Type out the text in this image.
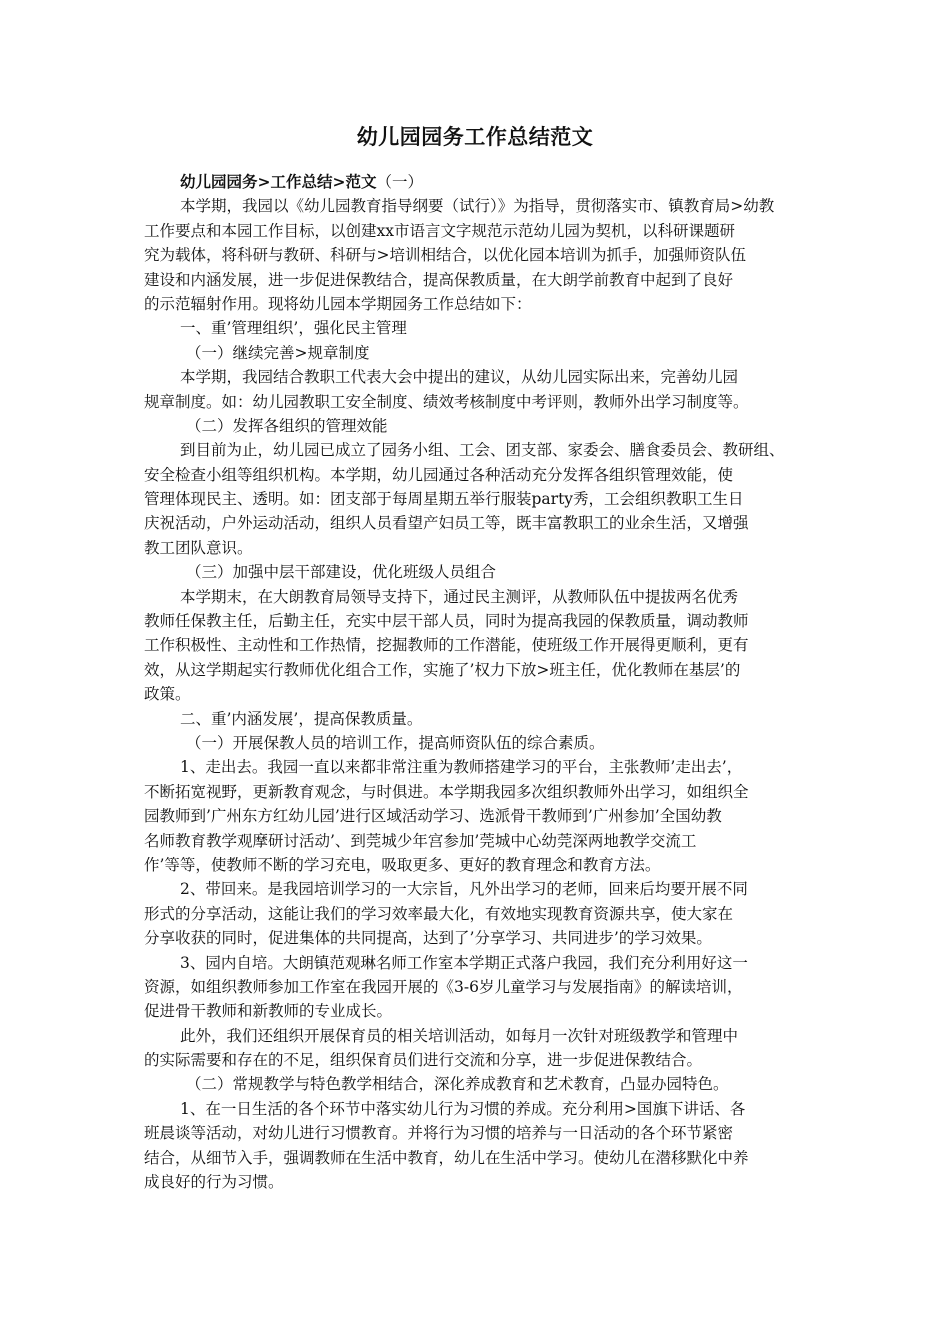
幼儿园园务工作总结范文
幼儿园园务>工作总结>范文（一）
本学期，我园以《幼儿园教育指导纲要（试行）》为指导，贯彻落实市、镇教育局>幼教
工作要点和本园工作目标，以创建xx市语言文字规范示范幼儿园为契机，以科研课题研
究为载体，将科研与教研、科研与>培训相结合，以优化园本培训为抓手，加强师资队伍
建设和内涵发展，进一步促进保教结合，提高保教质量，在大朗学前教育中起到了良好
的示范辐射作用。现将幼儿园本学期园务工作总结如下：
一、重’管理组织’，强化民主管理
（一）继续完善>规章制度
本学期，我园结合教职工代表大会中提出的建议，从幼儿园实际出来，完善幼儿园
规章制度。如：幼儿园教职工安全制度、绩效考核制度中考评则，教师外出学习制度等。
（二）发挥各组织的管理效能
到目前为止，幼儿园已成立了园务小组、工会、团支部、家委会、膳食委员会、教研组、
安全检查小组等组织机构。本学期，幼儿园通过各种活动充分发挥各组织管理效能，使
管理体现民主、透明。如：团支部于每周星期五举行服装party秀，工会组织教职工生日
庆祝活动，户外运动活动，组织人员看望产妇员工等，既丰富教职工的业余生活，又增强
教工团队意识。
（三）加强中层干部建设，优化班级人员组合
本学期末，在大朗教育局领导支持下，通过民主测评，从教师队伍中提拔两名优秀
教师任保教主任，后勤主任，充实中层干部人员，同时为提高我园的保教质量，调动教师
工作积极性、主动性和工作热情，挖掘教师的工作潜能，使班级工作开展得更顺利，更有
效，从这学期起实行教师优化组合工作，实施了’权力下放>班主任，优化教师在基层’的
政策。
二、重’内涵发展’，提高保教质量。
（一）开展保教人员的培训工作，提高师资队伍的综合素质。
1、走出去。我园一直以来都非常注重为教师搭建学习的平台，主张教师’走出去’，
不断拓宽视野，更新教育观念，与时俱进。本学期我园多次组织教师外出学习，如组织全
园教师到’广州东方红幼儿园’进行区域活动学习、选派骨干教师到’广州参加’全国幼教
名师教育教学观摩研讨活动’、到莞城少年宫参加’莞城中心幼莞深两地教学交流工
作’等等，使教师不断的学习充电，吸取更多、更好的教育理念和教育方法。
2、带回来。是我园培训学习的一大宗旨，凡外出学习的老师，回来后均要开展不同
形式的分享活动，这能让我们的学习效率最大化，有效地实现教育资源共享，使大家在
分享收获的同时，促进集体的共同提高，达到了’分享学习、共同进步’的学习效果。
3、园内自培。大朗镇范观琳名师工作室本学期正式落户我园，我们充分利用好这一
资源，如组织教师参加工作室在我园开展的《3-6岁儿童学习与发展指南》的解读培训，
促进骨干教师和新教师的专业成长。
此外，我们还组织开展保育员的相关培训活动，如每月一次针对班级教学和管理中
的实际需要和存在的不足，组织保育员们进行交流和分享，进一步促进保教结合。
（二）常规教学与特色教学相结合，深化养成教育和艺术教育，凸显办园特色。
1、在一日生活的各个环节中落实幼儿行为习惯的养成。充分利用>国旗下讲话、各
班晨谈等活动，对幼儿进行习惯教育。并将行为习惯的培养与一日活动的各个环节紧密
结合，从细节入手，强调教师在生活中教育，幼儿在生活中学习。使幼儿在潜移默化中养
成良好的行为习惯。
